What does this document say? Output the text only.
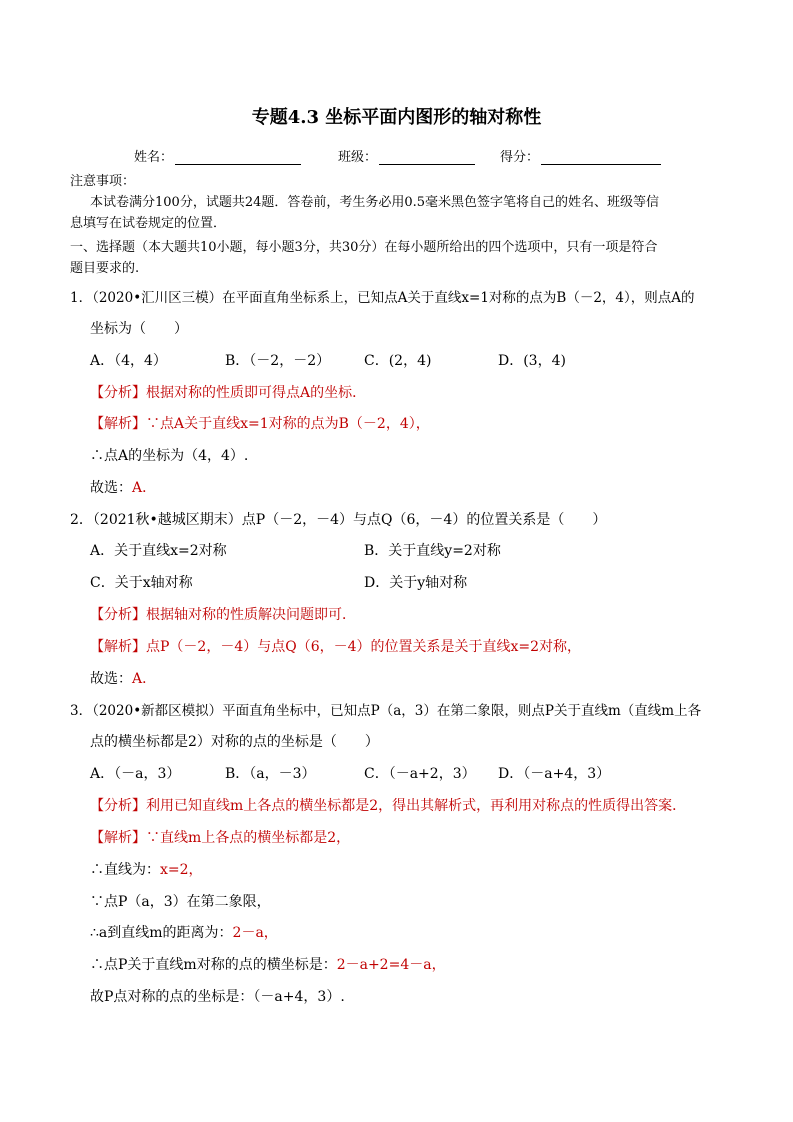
专题4.3 坐标平面内图形的轴对称性
姓名：	班级：	得分：
注意事项：
本试卷满分100分，试题共24题．答卷前，考生务必用0.5毫米黑色签字笔将自己的姓名、班级等信
息填写在试卷规定的位置．
一、选择题（本大题共10小题，每小题3分，共30分）在每小题所给出的四个选项中，只有一项是符合
题目要求的.
1．（2020•汇川区三模）在平面直角坐标系上，已知点A关于直线x=1对称的点为B（－2，4），则点A的
坐标为（　　）
A．（4，4）	B．（－2，－2） C．(2，4)	D．(3，4)
【分析】根据对称的性质即可得点A的坐标．
【解析】∵点A关于直线x=1对称的点为B（－2，4），
∴点A的坐标为（4，4）.
故选：A．
2．（2021秋•越城区期末）点P（－2，－4）与点Q（6，－4）的位置关系是（　　）
A．关于直线x=2对称	B．关于直线y=2对称
C．关于x轴对称	D．关于y轴对称
【分析】根据轴对称的性质解决问题即可．
【解析】点P（－2，－4）与点Q（6，－4）的位置关系是关于直线x=2对称，
故选：A．
3．（2020•新都区模拟）平面直角坐标中，已知点P（a，3）在第二象限，则点P关于直线m（直线m上各
点的横坐标都是2）对称的点的坐标是（　　）
A．（－a，3）	B．（a，－3）	C．（－a+2，3） D．（－a+4，3）
【分析】利用已知直线m上各点的横坐标都是2，得出其解析式，再利用对称点的性质得出答案．
【解析】∵直线m上各点的横坐标都是2，
∴直线为：x=2，
∵点P（a，3）在第二象限，
∴a到直线m的距离为：2－a，
∴点P关于直线m对称的点的横坐标是：2－a+2=4－a，
故P点对称的点的坐标是：（－a+4，3）.
